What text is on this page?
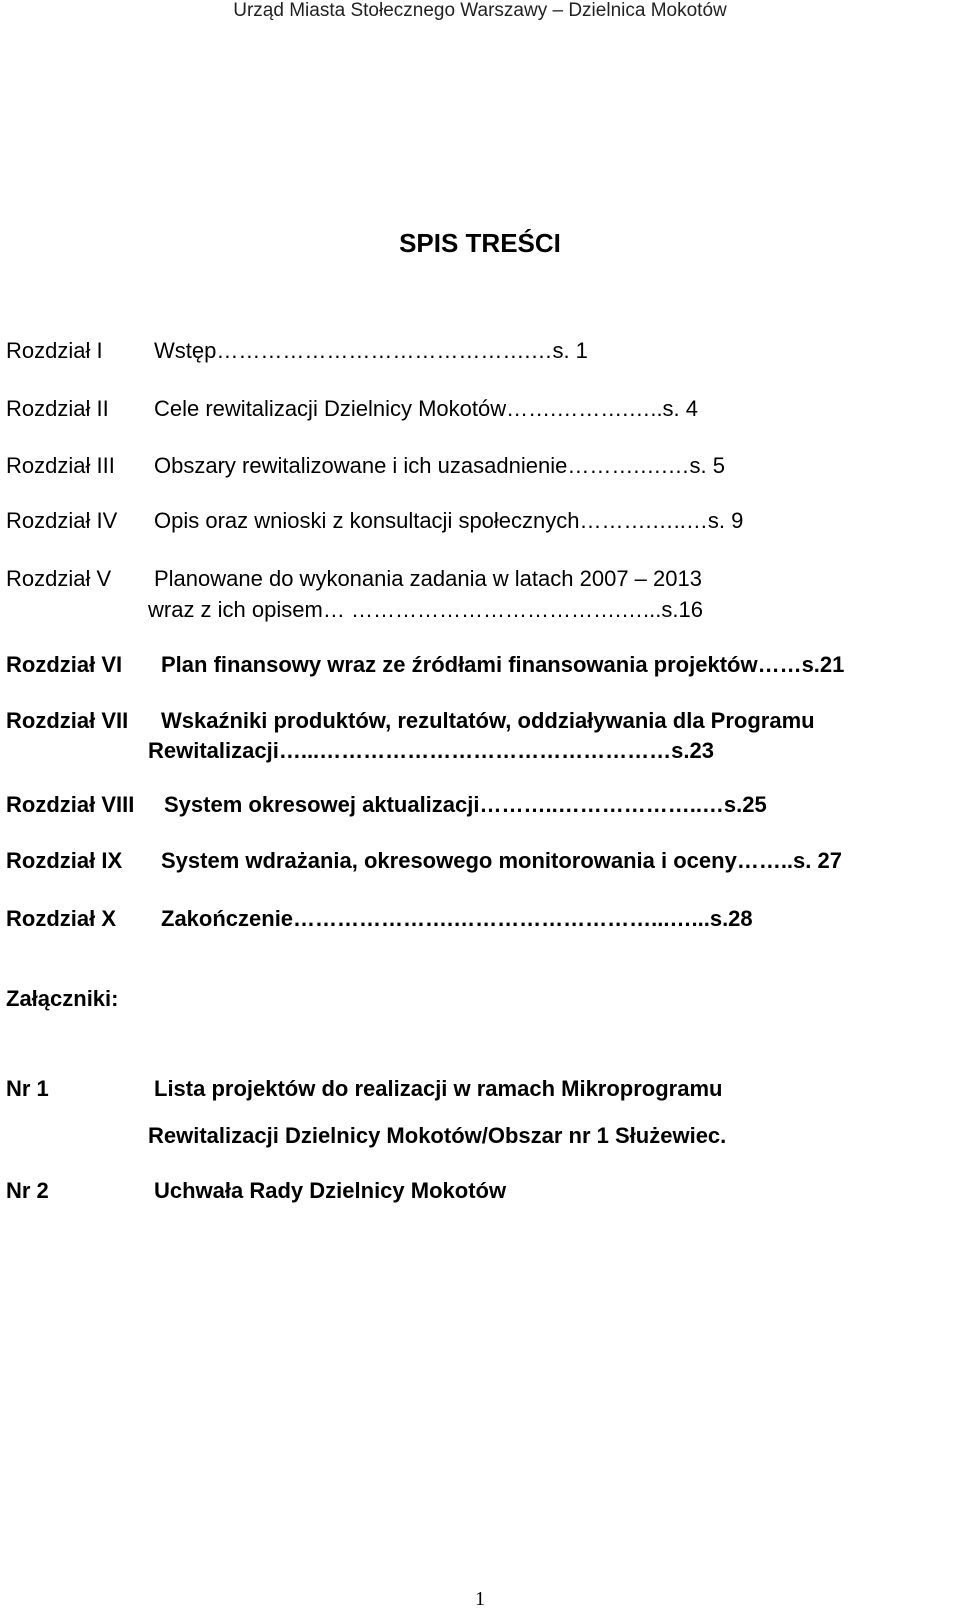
Urząd Miasta Stołecznego Warszawy – Dzielnica Mokotów
SPIS TREŚCI
Rozdział I Wstęp…………………………………….…s. 1
Rozdział II Cele rewitalizacji Dzielnicy Mokotów…….……….…..s. 4
Rozdział III Obszary rewitalizowane i ich uzasadnienie……….….…s. 5
Rozdział IV Opis oraz wnioski z konsultacji społecznych……….…..…s. 9
Rozdział V Planowane do wykonania zadania w latach 2007 – 2013
wraz z ich opisem… ……………………………….…...s.16
Rozdział VI Plan finansowy wraz ze źródłami finansowania projektów……s.21
Rozdział VII Wskaźniki produktów, rezultatów, oddziaływania dla Programu
Rewitalizacji…...…………………………………………s.23
Rozdział VIII System okresowej aktualizacji………..………………..…s.25
Rozdział IX System wdrażania, okresowego monitorowania i oceny……..s. 27
Rozdział X Zakończenie………………….………………………...…...s.28
Załączniki:
Nr 1	Lista projektów do realizacji w ramach Mikroprogramu
Rewitalizacji Dzielnicy Mokotów/Obszar nr 1 Służewiec.
Nr 2	Uchwała Rady Dzielnicy Mokotów
1
